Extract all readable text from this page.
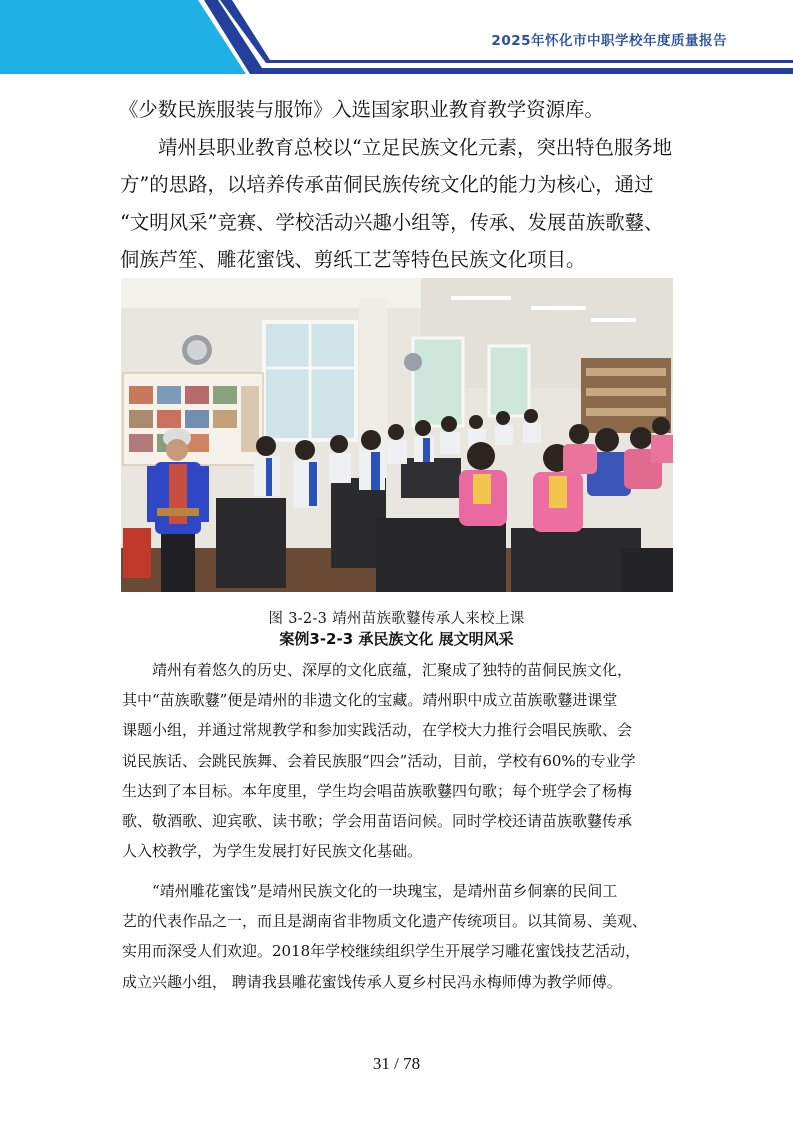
2025年怀化市中职学校年度质量报告
《少数民族服装与服饰》入选国家职业教育教学资源库。
靖州县职业教育总校以“立足民族文化元素，突出特色服务地
方”的思路，以培养传承苗侗民族传统文化的能力为核心，通过
“文明风采”竞赛、学校活动兴趣小组等，传承、发展苗族歌鼟、
侗族芦笙、雕花蜜饯、剪纸工艺等特色民族文化项目。
图 3-2-3 靖州苗族歌鼟传承人来校上课
案例3-2-3 承民族文化 展文明风采
靖州有着悠久的历史、深厚的文化底蕴，汇聚成了独特的苗侗民族文化，
其中“苗族歌鼟”便是靖州的非遗文化的宝藏。靖州职中成立苗族歌鼟进课堂
课题小组，并通过常规教学和参加实践活动，在学校大力推行会唱民族歌、会
说民族话、会跳民族舞、会着民族服“四会”活动，目前，学校有60%的专业学
生达到了本目标。本年度里，学生均会唱苗族歌鼟四句歌；每个班学会了杨梅
歌、敬酒歌、迎宾歌、读书歌；学会用苗语问候。同时学校还请苗族歌鼟传承
人入校教学，为学生发展打好民族文化基础。
“靖州雕花蜜饯”是靖州民族文化的一块瑰宝，是靖州苗乡侗寨的民间工
艺的代表作品之一，而且是湖南省非物质文化遗产传统项目。以其简易、美观、
实用而深受人们欢迎。2018年学校继续组织学生开展学习雕花蜜饯技艺活动，
成立兴趣小组， 聘请我县雕花蜜饯传承人夏乡村民冯永梅师傅为教学师傅。
31 / 78
